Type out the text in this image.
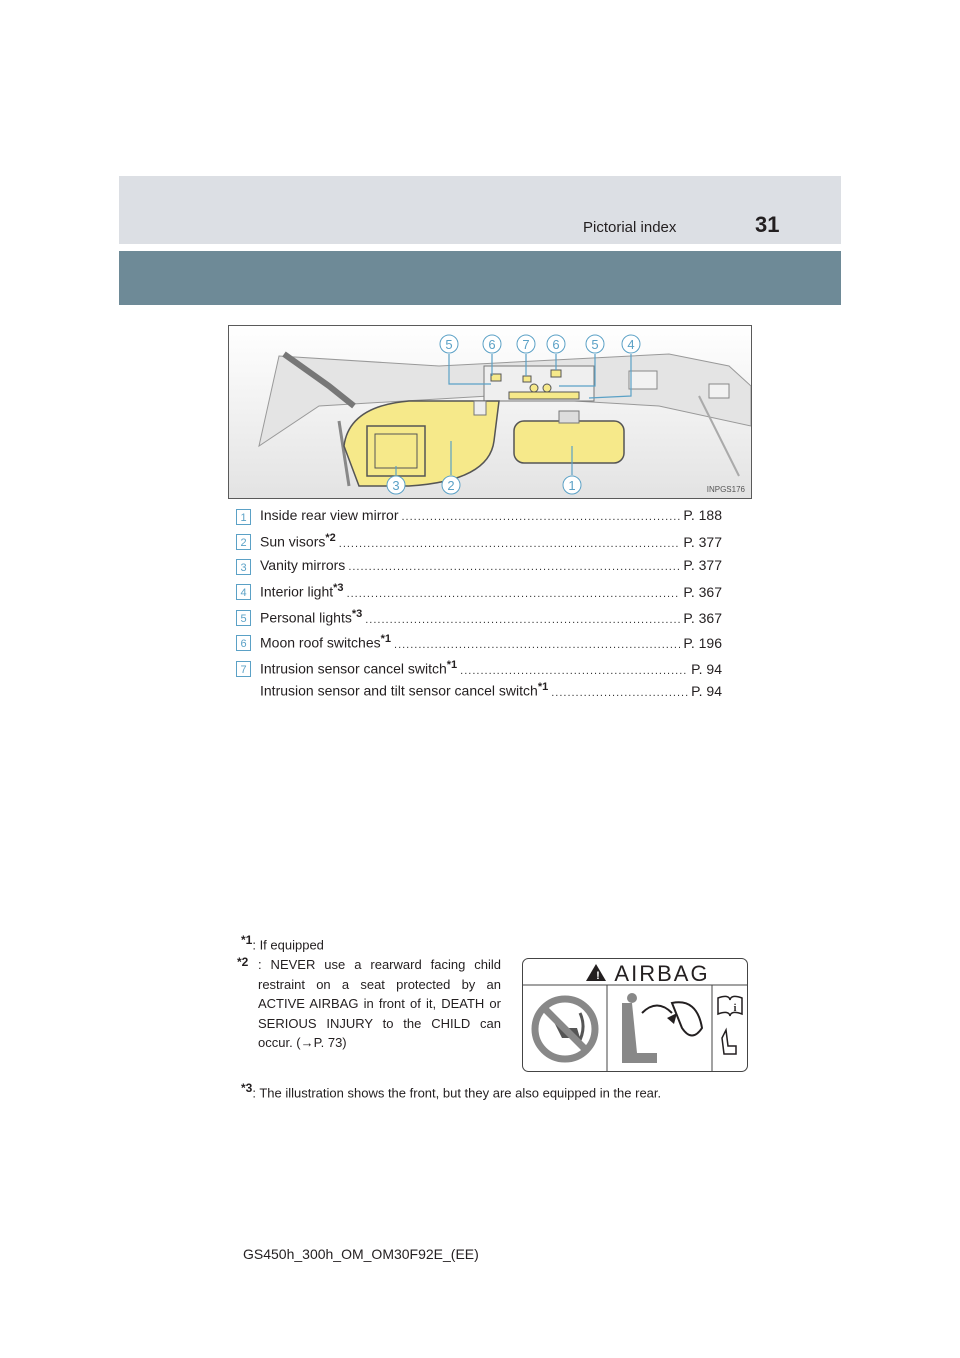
Pictorial index	31
5	6 7 6 5 4
3	2	1	INPGS176
1 Inside rear view mirror .....	P. 188
2 Sun visors$^{*2}$ .....	P. 377
3 Vanity mirrors .....	P. 377
4 Interior light$^{*3}$ .....	P. 367
5 Personal lights$^{*3}$ .....	P. 367
6 Moon roof switches$^{*1}$ .....	P. 196
7 Intrusion sensor cancel switch$^{*1}$ .....	P. 94
Intrusion sensor and tilt sensor cancel switch$^{*1}$ .....	P. 94
$^{*1}$: If equipped
*2 : NEVER use a rearward facing child restraint on a seat protected by an ACTIVE AIRBAG in front of it, DEATH or SERIOUS INJURY to the CHILD can occur. (→P. 73)
! AIRBAG
i
$^{*3}$: The illustration shows the front, but they are also equipped in the rear.
GS450h_300h_OM_OM30F92E_(EE)
